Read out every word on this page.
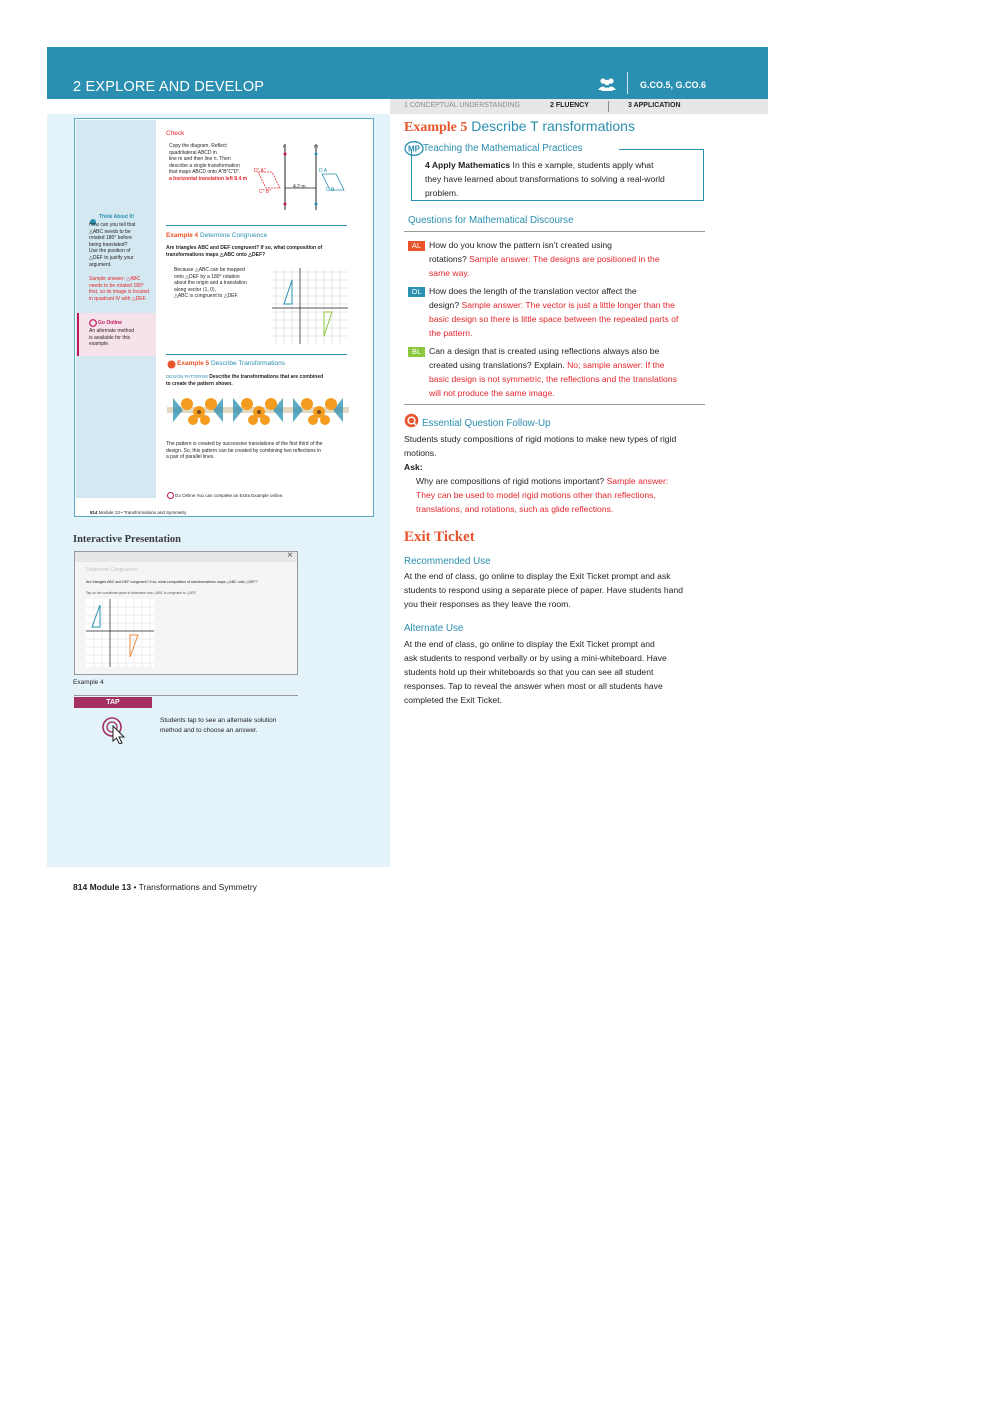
2 EXPLORE AND DEVELOP	G.CO.5, G.CO.6
1 CONCEPTUAL UNDERSTANDING	2 FLUENCY	3 APPLICATION
Check
Copy the diagram. Reflect
quadrilateral ABCD in
line m and then line n. Then
describe a single transformation
that maps ABCD onto A″B″C″D″.
a horizontal translation left 8.4 m
n	m
4.2 m
D″ A″
C″ B″
D A
C B
Think About It!
How can you tell that
△ABC needs to be
rotated 180° before
being translated?
Use the position of
△DEF to justify your
argument.
Sample answer: △ABC
needs to be rotated 180°
first, so its image is located
in quadrant IV with △DEF.
Go Online
An alternate method
is available for this
example.
Example 4 Determine Congruence
Are triangles ABC and DEF congruent? If so, what composition of
transformations maps △ABC onto △DEF?
Because △ABC can be mapped
onto △DEF by a 180° rotation
about the origin and a translation
along vector ⟨1, 0⟩,
△ABC is congruent to △DEF.
Example 5 Describe Transformations
DESIGN PATTERNS Describe the transformations that are combined
to create the pattern shown.
The pattern is created by successive translations of the first third of the
design. So, this pattern can be created by combining two reflections in
a pair of parallel lines.
Go Online You can complete an Extra Example online.
814 Module 13 • Transformations and Symmetry
Interactive Presentation
×
Determine Congruence
Are triangles ABC and DEF congruent? If so, what composition of transformations maps △ABC onto △DEF?
Tap on the coordinate plane to determine how △ABC is congruent to △DEF.
Example 4
TAP
Students tap to see an alternate solution
method and to choose an answer.
Example 5 Describe T ransformations
MP Teaching the Mathematical Practices
4 Apply Mathematics In this e xample, students apply what
they have learned about transformations to solving a real-world
problem.
Questions for Mathematical Discourse
AL How do you know the pattern isn’t created using
rotations? Sample answer: The designs are positioned in the
same way.
OL How does the length of the translation vector affect the
design? Sample answer: The vector is just a little longer than the
basic design so there is little space between the repeated parts of
the pattern.
BL Can a design that is created using reflections always also be
created using translations? Explain. No; sample answer: If the
basic design is not symmetric, the reflections and the translations
will not produce the same image.
Essential Question Follow-Up
Students study compositions of rigid motions to make new types of rigid
motions.
Ask:
Why are compositions of rigid motions important? Sample answer:
They can be used to model rigid motions other than reflections,
translations, and rotations, such as glide reflections.
Exit Ticket
Recommended Use
At the end of class, go online to display the Exit Ticket prompt and ask
students to respond using a separate piece of paper. Have students hand
you their responses as they leave the room.
Alternate Use
At the end of class, go online to display the Exit Ticket prompt and
ask students to respond verbally or by using a mini-whiteboard. Have
students hold up their whiteboards so that you can see all student
responses. Tap to reveal the answer when most or all students have
completed the Exit Ticket.
814 Module 13 • Transformations and Symmetry
